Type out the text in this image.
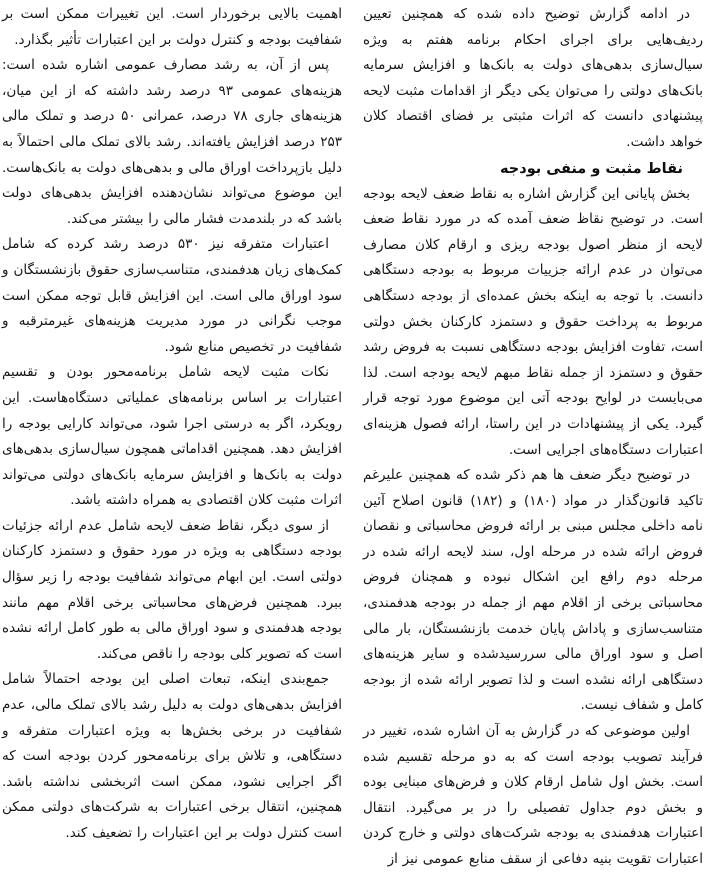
در ادامه گزارش توضیح داده شده که همچنین تعیین ردیف‌هایی برای اجرای احکام برنامه هفتم به ویژه سیال‌سازی بدهی‌های دولت به بانک‌ها و افزایش سرمایه بانک‌های دولتی را می‌توان یکی دیگر از اقدامات مثبت لایحه پیشنهادی دانست که اثرات مثبتی بر فضای اقتصاد کلان خواهد داشت.

نقاط مثبت و منفی بودجه

بخش پایانی این گزارش اشاره به نقاط ضعف لایحه بودجه است. در توضیح نقاظ ضعف آمده که در مورد نقاط ضعف لایحه از منظر اصول بودجه ریزی و ارقام کلان مصارف می‌توان در عدم ارائه جزییات مربوط به بودجه دستگاهی دانست. با توجه به اینکه بخش عمده‌ای از بودجه دستگاهی مربوط به پرداخت حقوق و دستمزد کارکنان بخش دولتی است، تفاوت افزایش بودجه دستگاهی نسبت به فروض رشد حقوق و دستمزد از جمله نقاط مبهم لایحه بودجه است. لذا می‌بایست در لوایح بودجه آتی این موضوع مورد توجه قرار گیرد. یکی از پیشنهادات در این راستا، ارائه فصول هزینه‌ای اعتبارات دستگاه‌های اجرایی است.

در توضیح دیگر ضعف ها هم ذکر شده که همچنین علیرغم تاکید قانون‌گذار در مواد (۱۸۰) و (۱۸۲) قانون اصلاح آئین نامه داخلی مجلس مبنی بر ارائه فروض محاسباتی و نقصان فروض ارائه شده در مرحله اول، سند لایحه ارائه شده در مرحله دوم رافع این اشکال نبوده و همچنان فروض محاسباتی برخی از اقلام مهم از جمله در بودجه هدفمندی، متناسب‌سازی و پاداش پایان خدمت بازنشستگان، بار مالی اصل و سود اوراق مالی سررسیدشده و سایر هزینه‌های دستگاهی ارائه نشده است و لذا تصویر ارائه شده از بودجه کامل و شفاف نیست.

اولین موضوعی که در گزارش به آن اشاره شده، تغییر در فرآیند تصویب بودجه است که به دو مرحله تقسیم شده است. بخش اول شامل ارقام کلان و فرض‌های مبنایی بوده و بخش دوم جداول تفصیلی را در بر می‌گیرد. انتقال اعتبارات هدفمندی به بودجه شرکت‌های دولتی و خارج کردن اعتبارات تقویت بنیه دفاعی از سقف منابع عمومی نیز از

اهمیت بالایی برخوردار است. این تغییرات ممکن است بر شفافیت بودجه و کنترل دولت بر این اعتبارات تأثیر بگذارد.

پس از آن، به رشد مصارف عمومی اشاره شده است: هزینه‌های عمومی ۹۳ درصد رشد داشته که از این میان، هزینه‌های جاری ۷۸ درصد، عمرانی ۵۰ درصد و تملک مالی ۲۵۳ درصد افزایش یافته‌اند. رشد بالای تملک مالی احتمالاً به دلیل بازپرداخت اوراق مالی و بدهی‌های دولت به بانک‌هاست. این موضوع می‌تواند نشان‌دهنده افزایش بدهی‌های دولت باشد که در بلندمدت فشار مالی را بیشتر می‌کند.

اعتبارات متفرقه نیز ۵۳۰ درصد رشد کرده که شامل کمک‌های زیان هدفمندی، متناسب‌سازی حقوق بازنشستگان و سود اوراق مالی است. این افزایش قابل توجه ممکن است موجب نگرانی در مورد مدیریت هزینه‌های غیرمترقبه و شفافیت در تخصیص منابع شود.

نکات مثبت لایحه شامل برنامه‌محور بودن و تقسیم اعتبارات بر اساس برنامه‌های عملیاتی دستگاه‌هاست. این رویکرد، اگر به درستی اجرا شود، می‌تواند کارایی بودجه را افزایش دهد. همچنین اقداماتی همچون سیال‌سازی بدهی‌های دولت به بانک‌ها و افزایش سرمایه بانک‌های دولتی می‌تواند اثرات مثبت کلان اقتصادی به همراه داشته باشد.

از سوی دیگر، نقاط ضعف لایحه شامل عدم ارائه جزئیات بودجه دستگاهی به ویژه در مورد حقوق و دستمزد کارکنان دولتی است. این ابهام می‌تواند شفافیت بودجه را زیر سؤال ببرد. همچنین فرض‌های محاسباتی برخی اقلام مهم مانند بودجه هدفمندی و سود اوراق مالی به طور کامل ارائه نشده است که تصویر کلی بودجه را ناقص می‌کند.

جمع‌بندی اینکه، تبعات اصلی این بودجه احتمالاً شامل افزایش بدهی‌های دولت به دلیل رشد بالای تملک مالی، عدم شفافیت در برخی بخش‌ها به ویژه اعتبارات متفرقه و دستگاهی، و تلاش برای برنامه‌محور کردن بودجه است که اگر اجرایی نشود، ممکن است اثربخشی نداشته باشد. همچنین، انتقال برخی اعتبارات به شرکت‌های دولتی ممکن است کنترل دولت بر این اعتبارات را تضعیف کند.
